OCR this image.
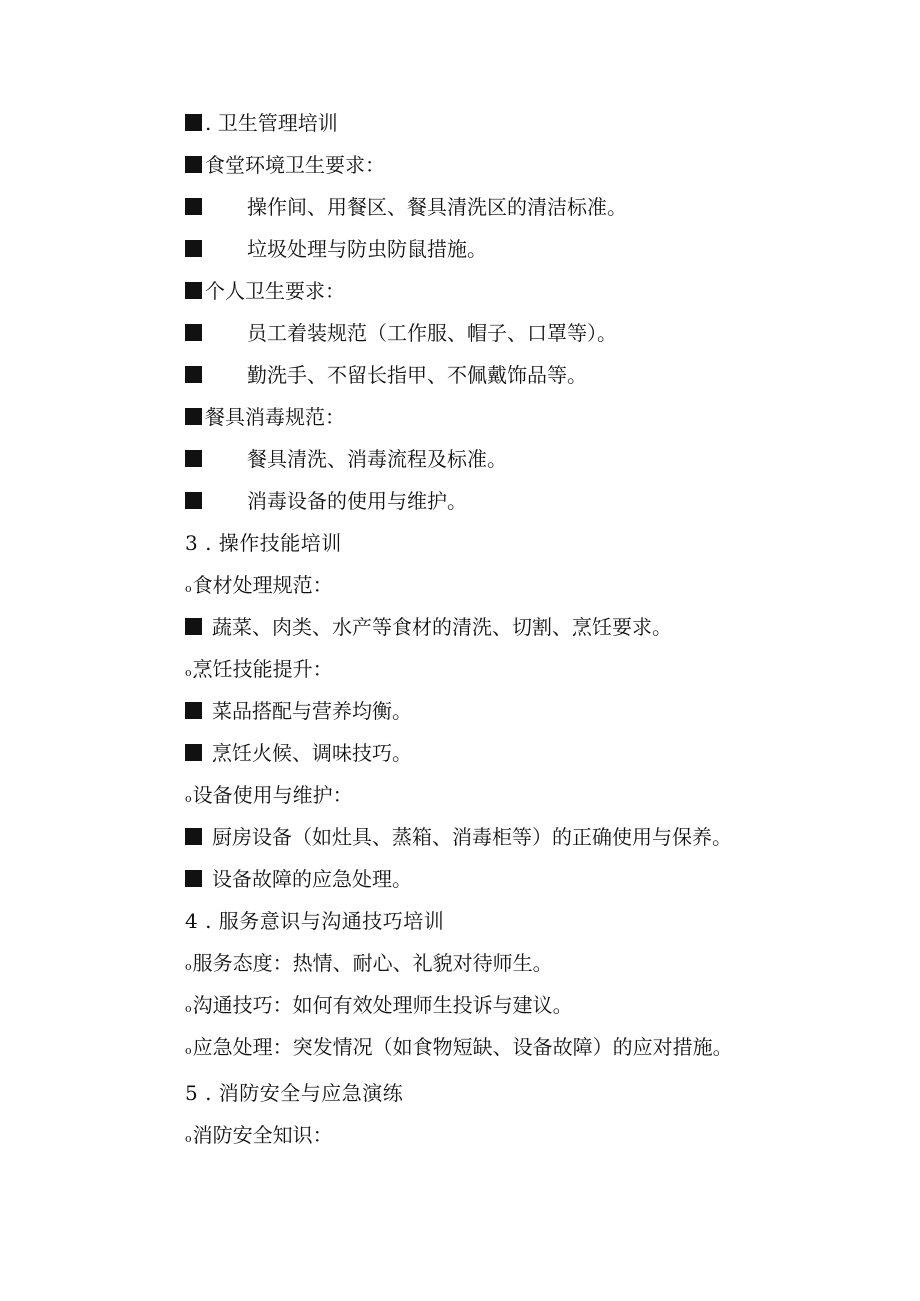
. 卫生管理培训
食堂环境卫生要求：
操作间、用餐区、餐具清洗区的清洁标准。
垃圾处理与防虫防鼠措施。
个人卫生要求：
员工着装规范（工作服、帽子、口罩等）。
勤洗手、不留长指甲、不佩戴饰品等。
餐具消毒规范：
餐具清洗、消毒流程及标准。
消毒设备的使用与维护。
3 . 操作技能培训
o食材处理规范：
蔬菜、肉类、水产等食材的清洗、切割、烹饪要求。
o烹饪技能提升：
菜品搭配与营养均衡。
烹饪火候、调味技巧。
o设备使用与维护：
厨房设备（如灶具、蒸箱、消毒柜等）的正确使用与保养。
设备故障的应急处理。
4 . 服务意识与沟通技巧培训
o服务态度：热情、耐心、礼貌对待师生。
o沟通技巧：如何有效处理师生投诉与建议。
o应急处理：突发情况（如食物短缺、设备故障）的应对措施。
5 . 消防安全与应急演练
o消防安全知识：
